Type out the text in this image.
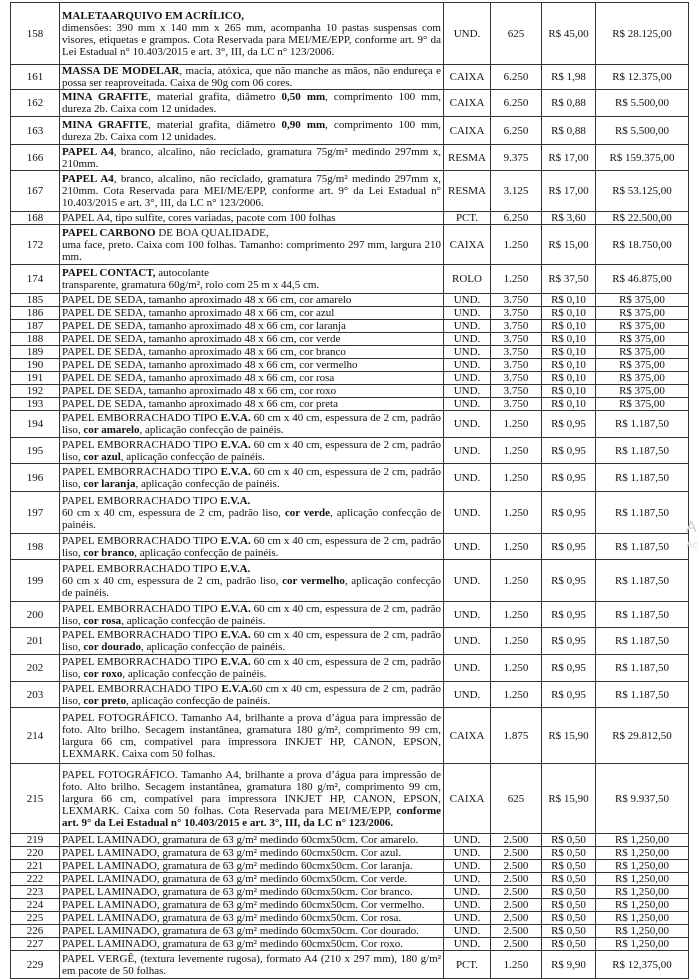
158	MALETAARQUIVO EM ACRÍLICO,
dimensões: 390 mm x 140 mm x 265 mm, acompanha 10 pastas suspensas com visores, etiquetas e grampos. Cota Reservada para MEI/ME/EPP, conforme art. 9° da Lei Estadual n° 10.403/2015 e art. 3°, III, da LC n° 123/2006.	UND.	625	R$ 45,00	R$ 28.125,00
161	MASSA DE MODELAR, macia, atóxica, que não manche as mãos, não endureça e possa ser reaproveitada. Caixa de 90g com 06 cores.	CAIXA	6.250	R$ 1,98	R$ 12.375,00
162	MINA GRAFITE, material grafita, diâmetro 0,50 mm, comprimento 100 mm, dureza 2b. Caixa com 12 unidades.	CAIXA	6.250	R$ 0,88	R$ 5.500,00
163	MINA GRAFITE, material grafita, diâmetro 0,90 mm, comprimento 100 mm, dureza 2b. Caixa com 12 unidades.	CAIXA	6.250	R$ 0,88	R$ 5.500,00
166	PAPEL A4, branco, alcalino, não reciclado, gramatura 75g/m² medindo 297mm x, 210mm.	RESMA	9.375	R$ 17,00	R$ 159.375,00
167	PAPEL A4, branco, alcalino, não reciclado, gramatura 75g/m² medindo 297mm x, 210mm. Cota Reservada para MEI/ME/EPP, conforme art. 9° da Lei Estadual n° 10.403/2015 e art. 3°, III, da LC n° 123/2006.	RESMA	3.125	R$ 17,00	R$ 53.125,00
168	PAPEL A4, tipo sulfite, cores variadas, pacote com 100 folhas	PCT.	6.250	R$ 3,60	R$ 22.500,00
172	PAPEL CARBONO DE BOA QUALIDADE,
uma face, preto. Caixa com 100 folhas. Tamanho: comprimento 297 mm, largura 210 mm.	CAIXA	1.250	R$ 15,00	R$ 18.750,00
174	PAPEL CONTACT, autocolante
transparente, gramatura 60g/m², rolo com 25 m x 44,5 cm.	ROLO	1.250	R$ 37,50	R$ 46.875,00
185	PAPEL DE SEDA, tamanho aproximado 48 x 66 cm, cor amarelo	UND.	3.750	R$ 0,10	R$ 375,00
186	PAPEL DE SEDA, tamanho aproximado 48 x 66 cm, cor azul	UND.	3.750	R$ 0,10	R$ 375,00
187	PAPEL DE SEDA, tamanho aproximado 48 x 66 cm, cor laranja	UND.	3.750	R$ 0,10	R$ 375,00
188	PAPEL DE SEDA, tamanho aproximado 48 x 66 cm, cor verde	UND.	3.750	R$ 0,10	R$ 375,00
189	PAPEL DE SEDA, tamanho aproximado 48 x 66 cm, cor branco	UND.	3.750	R$ 0,10	R$ 375,00
190	PAPEL DE SEDA, tamanho aproximado 48 x 66 cm, cor vermelho	UND.	3.750	R$ 0,10	R$ 375,00
191	PAPEL DE SEDA, tamanho aproximado 48 x 66 cm, cor rosa	UND.	3.750	R$ 0,10	R$ 375,00
192	PAPEL DE SEDA, tamanho aproximado 48 x 66 cm, cor roxo	UND.	3.750	R$ 0,10	R$ 375,00
193	PAPEL DE SEDA, tamanho aproximado 48 x 66 cm, cor preta	UND.	3.750	R$ 0,10	R$ 375,00
194	PAPEL EMBORRACHADO TIPO E.V.A. 60 cm x 40 cm, espessura de 2 cm, padrão liso, cor amarelo, aplicação confecção de painéis.	UND.	1.250	R$ 0,95	R$ 1.187,50
195	PAPEL EMBORRACHADO TIPO E.V.A. 60 cm x 40 cm, espessura de 2 cm, padrão liso, cor azul, aplicação confecção de painéis.	UND.	1.250	R$ 0,95	R$ 1.187,50
196	PAPEL EMBORRACHADO TIPO E.V.A. 60 cm x 40 cm, espessura de 2 cm, padrão liso, cor laranja, aplicação confecção de painéis.	UND.	1.250	R$ 0,95	R$ 1.187,50
197	PAPEL EMBORRACHADO TIPO E.V.A.
60 cm x 40 cm, espessura de 2 cm, padrão liso, cor verde, aplicação confecção de painéis.	UND.	1.250	R$ 0,95	R$ 1.187,50
198	PAPEL EMBORRACHADO TIPO E.V.A. 60 cm x 40 cm, espessura de 2 cm, padrão liso, cor branco, aplicação confecção de painéis.	UND.	1.250	R$ 0,95	R$ 1.187,50
199	PAPEL EMBORRACHADO TIPO E.V.A.
60 cm x 40 cm, espessura de 2 cm, padrão liso, cor vermelho, aplicação confecção de painéis.	UND.	1.250	R$ 0,95	R$ 1.187,50
200	PAPEL EMBORRACHADO TIPO E.V.A. 60 cm x 40 cm, espessura de 2 cm, padrão liso, cor rosa, aplicação confecção de painéis.	UND.	1.250	R$ 0,95	R$ 1.187,50
201	PAPEL EMBORRACHADO TIPO E.V.A. 60 cm x 40 cm, espessura de 2 cm, padrão liso, cor dourado, aplicação confecção de painéis.	UND.	1.250	R$ 0,95	R$ 1.187,50
202	PAPEL EMBORRACHADO TIPO E.V.A. 60 cm x 40 cm, espessura de 2 cm, padrão liso, cor roxo, aplicação confecção de painéis.	UND.	1.250	R$ 0,95	R$ 1.187,50
203	PAPEL EMBORRACHADO TIPO E.V.A.60 cm x 40 cm, espessura de 2 cm, padrão liso, cor preto, aplicação confecção de painéis.	UND.	1.250	R$ 0,95	R$ 1.187,50
214	PAPEL FOTOGRÁFICO. Tamanho A4, brilhante a prova d’água para impressão de foto. Alto brilho. Secagem instantânea, gramatura 180 g/m², comprimento 99 cm, largura 66 cm, compatível para impressora INKJET HP, CANON, EPSON, LEXMARK. Caixa com 50 folhas.	CAIXA	1.875	R$ 15,90	R$ 29.812,50
215	PAPEL FOTOGRÁFICO. Tamanho A4, brilhante a prova d’água para impressão de foto. Alto brilho. Secagem instantânea, gramatura 180 g/m², comprimento 99 cm, largura 66 cm, compatível para impressora INKJET HP, CANON, EPSON, LEXMARK. Caixa com 50 folhas. Cota Reservada para MEI/ME/EPP, conforme art. 9° da Lei Estadual n° 10.403/2015 e art. 3°, III, da LC n° 123/2006.	CAIXA	625	R$ 15,90	R$ 9.937,50
219	PAPEL LAMINADO, gramatura de 63 g/m² medindo 60cmx50cm. Cor amarelo.	UND.	2.500	R$ 0,50	R$ 1,250,00
220	PAPEL LAMINADO, gramatura de 63 g/m² medindo 60cmx50cm. Cor azul.	UND.	2.500	R$ 0,50	R$ 1,250,00
221	PAPEL LAMINADO, gramatura de 63 g/m² medindo 60cmx50cm. Cor laranja.	UND.	2.500	R$ 0,50	R$ 1,250,00
222	PAPEL LAMINADO, gramatura de 63 g/m² medindo 60cmx50cm. Cor verde.	UND.	2.500	R$ 0,50	R$ 1,250,00
223	PAPEL LAMINADO, gramatura de 63 g/m² medindo 60cmx50cm. Cor branco.	UND.	2.500	R$ 0,50	R$ 1,250,00
224	PAPEL LAMINADO, gramatura de 63 g/m² medindo 60cmx50cm. Cor vermelho.	UND.	2.500	R$ 0,50	R$ 1,250,00
225	PAPEL LAMINADO, gramatura de 63 g/m² medindo 60cmx50cm. Cor rosa.	UND.	2.500	R$ 0,50	R$ 1,250,00
226	PAPEL LAMINADO, gramatura de 63 g/m² medindo 60cmx50cm. Cor dourado.	UND.	2.500	R$ 0,50	R$ 1,250,00
227	PAPEL LAMINADO, gramatura de 63 g/m² medindo 60cmx50cm. Cor roxo.	UND.	2.500	R$ 0,50	R$ 1,250,00
229	PAPEL VERGÊ, (textura levemente rugosa), formato A4 (210 x 297 mm), 180 g/m² em pacote de 50 folhas.	PCT.	1.250	R$ 9,90	R$ 12,375,00
A
Ac
